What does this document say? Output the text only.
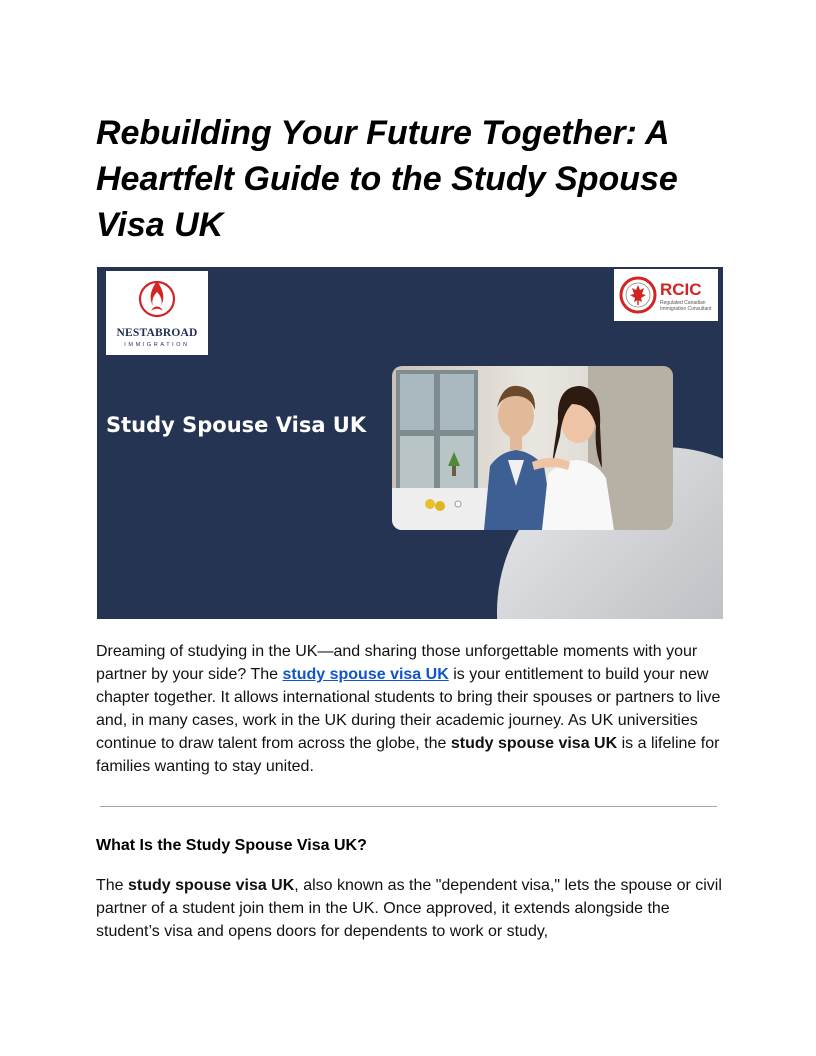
Rebuilding Your Future Together: A Heartfelt Guide to the Study Spouse Visa UK
NESTABROAD
IMMIGRATION
RCIC
Regulated Canadian Immigration Consultant
Study Spouse Visa UK

Dreaming of studying in the UK—and sharing those unforgettable moments with your partner by your side? The study spouse visa UK is your entitlement to build your new chapter together. It allows international students to bring their spouses or partners to live and, in many cases, work in the UK during their academic journey. As UK universities continue to draw talent from across the globe, the study spouse visa UK is a lifeline for families wanting to stay united.

What Is the Study Spouse Visa UK?

The study spouse visa UK, also known as the "dependent visa," lets the spouse or civil partner of a student join them in the UK. Once approved, it extends alongside the student’s visa and opens doors for dependents to work or study,
